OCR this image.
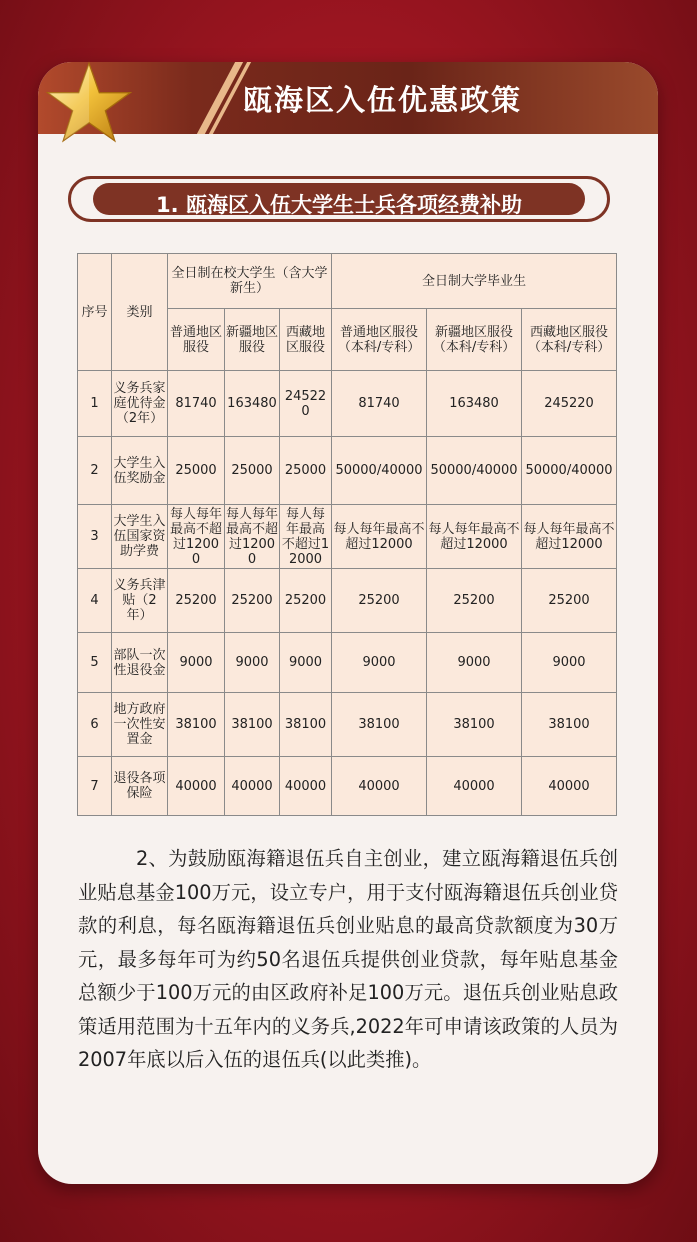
瓯海区入伍优惠政策
1. 瓯海区入伍大学生士兵各项经费补助
序号	类别	全日制在校大学生（含大学新生）			全日制大学毕业生		
		普通地区服役	新疆地区服役	西藏地区服役	普通地区服役（本科/专科）	新疆地区服役（本科/专科）	西藏地区服役（本科/专科）
1	义务兵家庭优待金（2年）	81740	163480	245220	81740	163480	245220
2	大学生入伍奖励金	25000	25000	25000	50000/40000	50000/40000	50000/40000
3	大学生入伍国家资助学费	每人每年最高不超过12000	每人每年最高不超过12000	每人每年最高不超过12000	每人每年最高不超过12000	每人每年最高不超过12000	每人每年最高不超过12000
4	义务兵津贴（2年）	25200	25200	25200	25200	25200	25200
5	部队一次性退役金	9000	9000	9000	9000	9000	9000
6	地方政府一次性安置金	38100	38100	38100	38100	38100	38100
7	退役各项保险	40000	40000	40000	40000	40000	40000
2、为鼓励瓯海籍退伍兵自主创业，建立瓯海籍退伍兵创业贴息基金100万元，设立专户，用于支付瓯海籍退伍兵创业贷款的利息，每名瓯海籍退伍兵创业贴息的最高贷款额度为30万元，最多每年可为约50名退伍兵提供创业贷款，每年贴息基金总额少于100万元的由区政府补足100万元。退伍兵创业贴息政策适用范围为十五年内的义务兵,2022年可申请该政策的人员为2007年底以后入伍的退伍兵(以此类推)。
